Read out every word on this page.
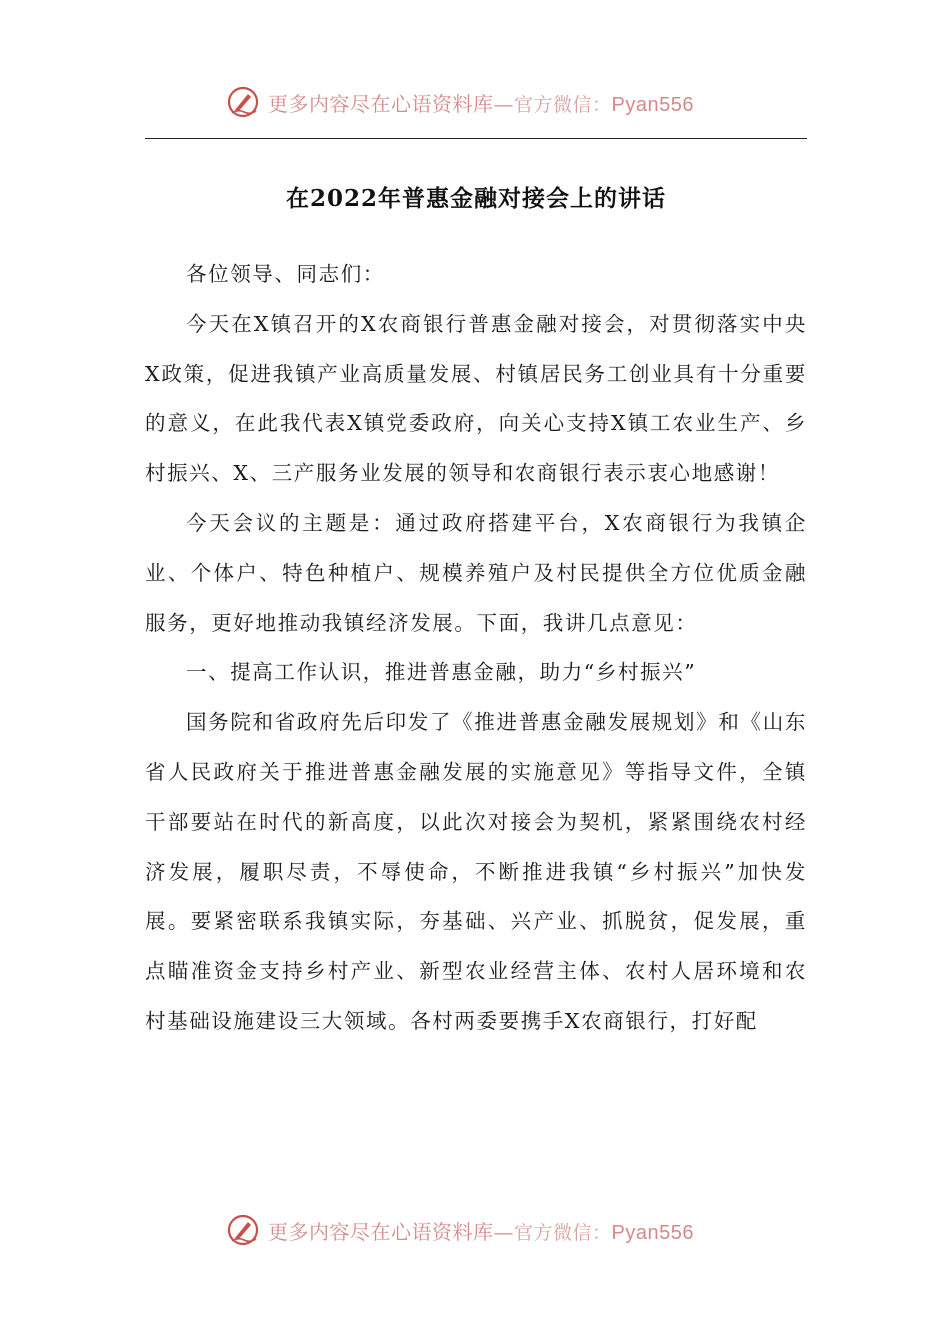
更多内容尽在心语资料库—官方微信：Pyan556
在2022年普惠金融对接会上的讲话

各位领导、同志们：

今天在X镇召开的X农商银行普惠金融对接会，对贯彻落实中央X政策，促进我镇产业高质量发展、村镇居民务工创业具有十分重要的意义，在此我代表X镇党委政府，向关心支持X镇工农业生产、乡村振兴、X、三产服务业发展的领导和农商银行表示衷心地感谢！

今天会议的主题是：通过政府搭建平台，X农商银行为我镇企业、个体户、特色种植户、规模养殖户及村民提供全方位优质金融服务，更好地推动我镇经济发展。下面，我讲几点意见：

一、提高工作认识，推进普惠金融，助力“乡村振兴”

国务院和省政府先后印发了《推进普惠金融发展规划》和《山东省人民政府关于推进普惠金融发展的实施意见》等指导文件，全镇干部要站在时代的新高度，以此次对接会为契机，紧紧围绕农村经济发展，履职尽责，不辱使命，不断推进我镇“乡村振兴”加快发展。要紧密联系我镇实际，夯基础、兴产业、抓脱贫，促发展，重点瞄准资金支持乡村产业、新型农业经营主体、农村人居环境和农村基础设施建设三大领域。各村两委要携手X农商银行，打好配

更多内容尽在心语资料库—官方微信：Pyan556
